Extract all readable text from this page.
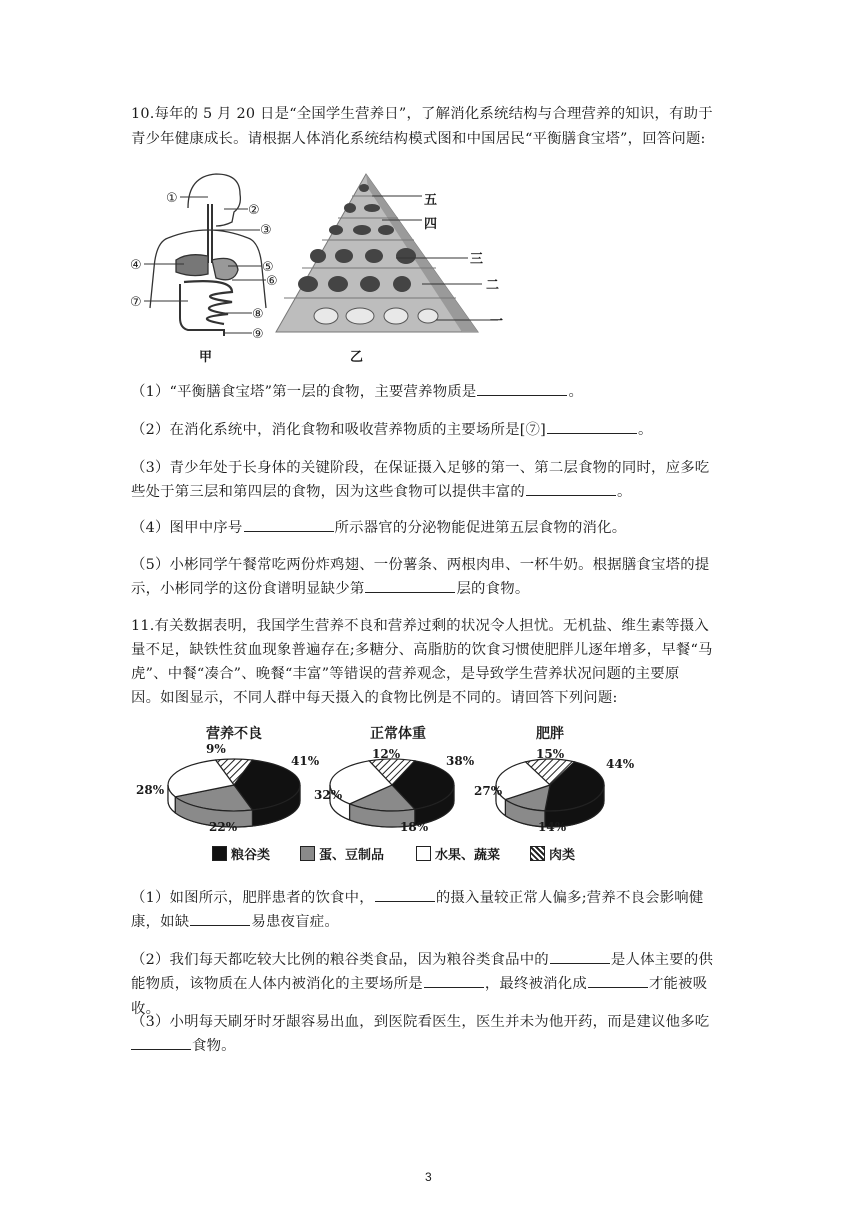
10.每年的 5 月 20 日是“全国学生营养日”，了解消化系统结构与合理营养的知识，有助于
青少年健康成长。请根据人体消化系统结构模式图和中国居民“平衡膳食宝塔”，回答问题:
①
②
③
④	⑤
⑥
⑦
⑧
⑨
甲
五
四
三
二
一
乙
（1）“平衡膳食宝塔”第一层的食物，主要营养物质是	。
（2）在消化系统中，消化食物和吸收营养物质的主要场所是[⑦]	。
（3）青少年处于长身体的关键阶段，在保证摄入足够的第一、第二层食物的同时，应多吃
些处于第三层和第四层的食物，因为这些食物可以提供丰富的	。
（4）图甲中序号	所示器官的分泌物能促进第五层食物的消化。
（5）小彬同学午餐常吃两份炸鸡翅、一份薯条、两根肉串、一杯牛奶。根据膳食宝塔的提
示，小彬同学的这份食谱明显缺少第	层的食物。
11.有关数据表明，我国学生营养不良和营养过剩的状况令人担忧。无机盐、维生素等摄入
量不足，缺铁性贫血现象普遍存在;多糖分、高脂肪的饮食习惯使肥胖儿逐年增多，早餐“马
虎”、中餐“凑合”、晚餐“丰富”等错误的营养观念，是导致学生营养状况问题的主要原
因。如图显示，不同人群中每天摄入的食物比例是不同的。请回答下列问题:
营养不良	正常体重	肥胖
41%
22%
28%
9%
38%
18%
32%
12%
44%
14%
27%
15%
粮谷类	蛋、豆制品	水果、蔬菜	肉类
（1）如图所示，肥胖患者的饮食中，	的摄入量较正常人偏多;营养不良会影响健
康，如缺	易患夜盲症。
（2）我们每天都吃较大比例的粮谷类食品，因为粮谷类食品中的	是人体主要的供
能物质，该物质在人体内被消化的主要场所是	，最终被消化成	才能被吸收。
（3）小明每天刷牙时牙龈容易出血，到医院看医生，医生并未为他开药，而是建议他多吃
食物。
3
